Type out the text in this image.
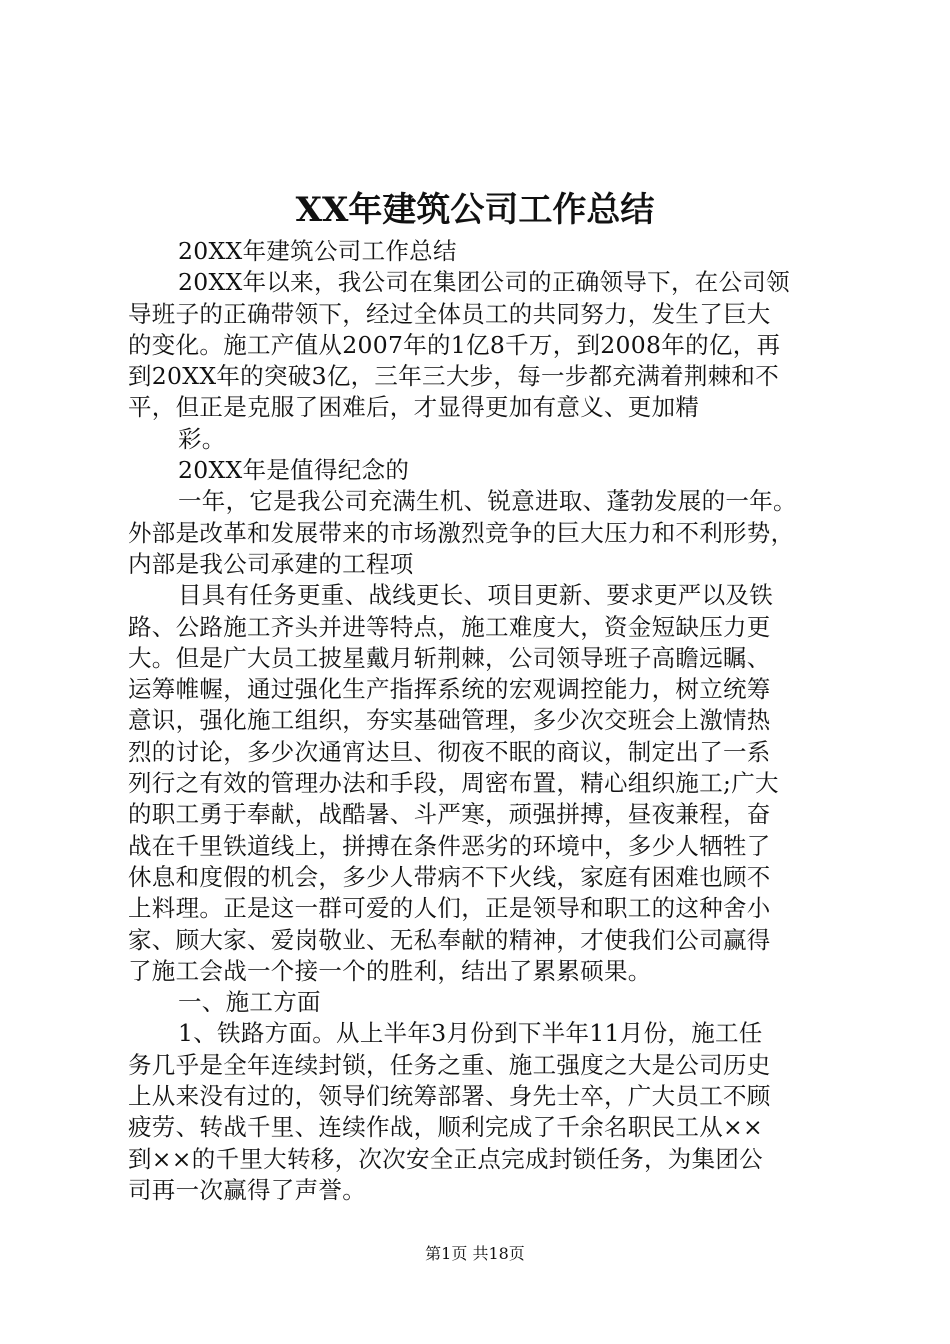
XX年建筑公司工作总结
20XX年建筑公司工作总结
20XX年以来，我公司在集团公司的正确领导下，在公司领
导班子的正确带领下，经过全体员工的共同努力，发生了巨大
的变化。施工产值从2007年的1亿8千万，到2008年的亿，再
到20XX年的突破3亿，三年三大步，每一步都充满着荆棘和不
平，但正是克服了困难后，才显得更加有意义、更加精
彩。
20XX年是值得纪念的
一年，它是我公司充满生机、锐意进取、蓬勃发展的一年。
外部是改革和发展带来的市场激烈竞争的巨大压力和不利形势，
内部是我公司承建的工程项
目具有任务更重、战线更长、项目更新、要求更严以及铁
路、公路施工齐头并进等特点，施工难度大，资金短缺压力更
大。但是广大员工披星戴月斩荆棘，公司领导班子高瞻远瞩、
运筹帷幄，通过强化生产指挥系统的宏观调控能力，树立统筹
意识，强化施工组织，夯实基础管理，多少次交班会上激情热
烈的讨论，多少次通宵达旦、彻夜不眠的商议，制定出了一系
列行之有效的管理办法和手段，周密布置，精心组织施工;广大
的职工勇于奉献，战酷暑、斗严寒，顽强拼搏，昼夜兼程，奋
战在千里铁道线上，拼搏在条件恶劣的环境中，多少人牺牲了
休息和度假的机会，多少人带病不下火线，家庭有困难也顾不
上料理。正是这一群可爱的人们，正是领导和职工的这种舍小
家、顾大家、爱岗敬业、无私奉献的精神，才使我们公司赢得
了施工会战一个接一个的胜利，结出了累累硕果。
一、施工方面
1、铁路方面。从上半年3月份到下半年11月份，施工任
务几乎是全年连续封锁，任务之重、施工强度之大是公司历史
上从来没有过的，领导们统筹部署、身先士卒，广大员工不顾
疲劳、转战千里、连续作战，顺利完成了千余名职民工从××
到××的千里大转移，次次安全正点完成封锁任务，为集团公
司再一次赢得了声誉。
第1页 共18页
